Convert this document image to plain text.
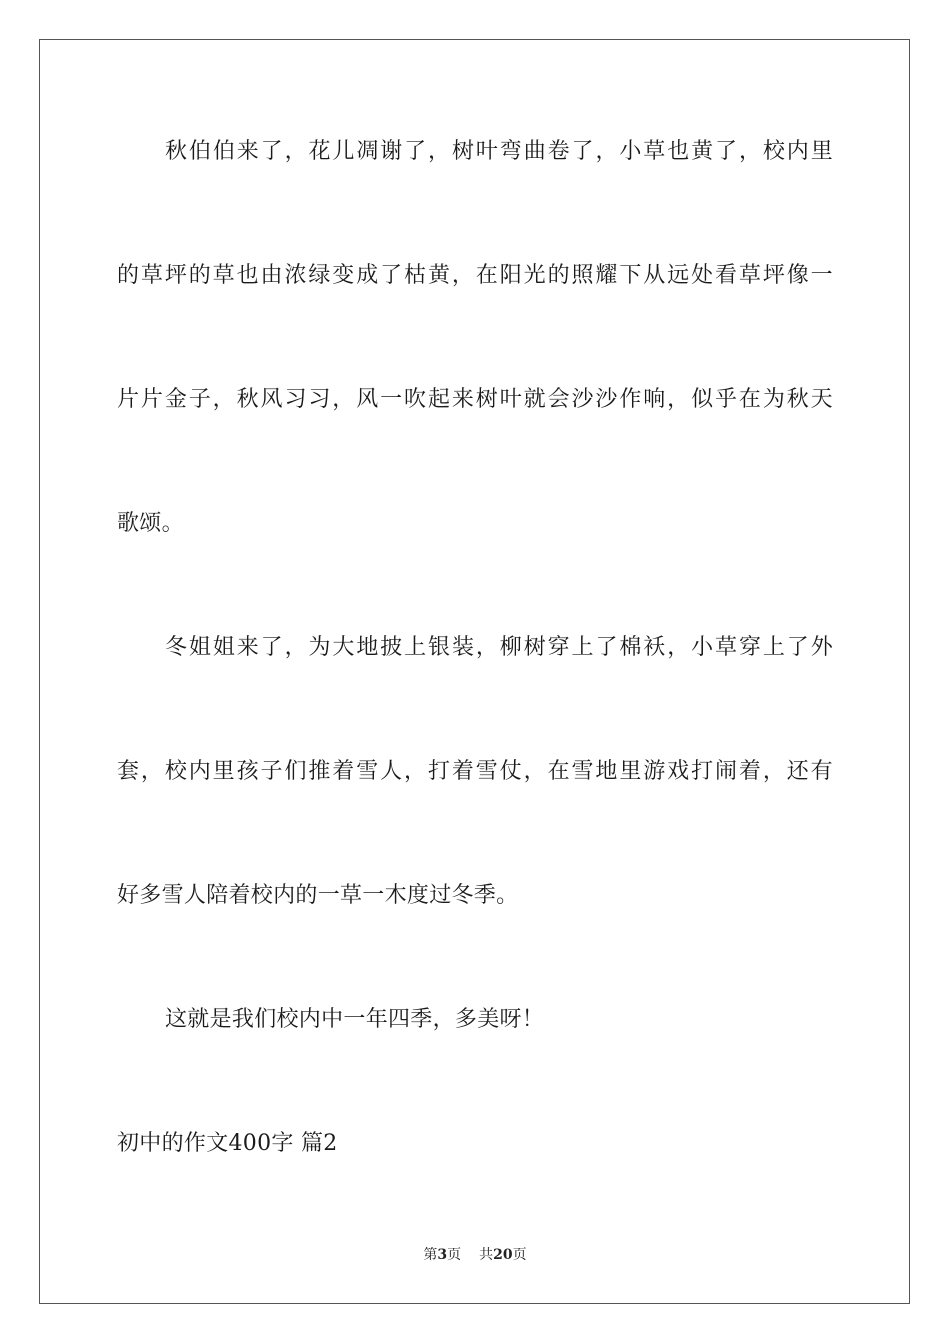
秋伯伯来了，花儿凋谢了，树叶弯曲卷了，小草也黄了，校内里
的草坪的草也由浓绿变成了枯黄，在阳光的照耀下从远处看草坪像一
片片金子，秋风习习，风一吹起来树叶就会沙沙作响，似乎在为秋天
歌颂。
冬姐姐来了，为大地披上银装，柳树穿上了棉袄，小草穿上了外
套，校内里孩子们推着雪人，打着雪仗，在雪地里游戏打闹着，还有
好多雪人陪着校内的一草一木度过冬季。
这就是我们校内中一年四季，多美呀！
初中的作文400字 篇2
第3页 共20页
